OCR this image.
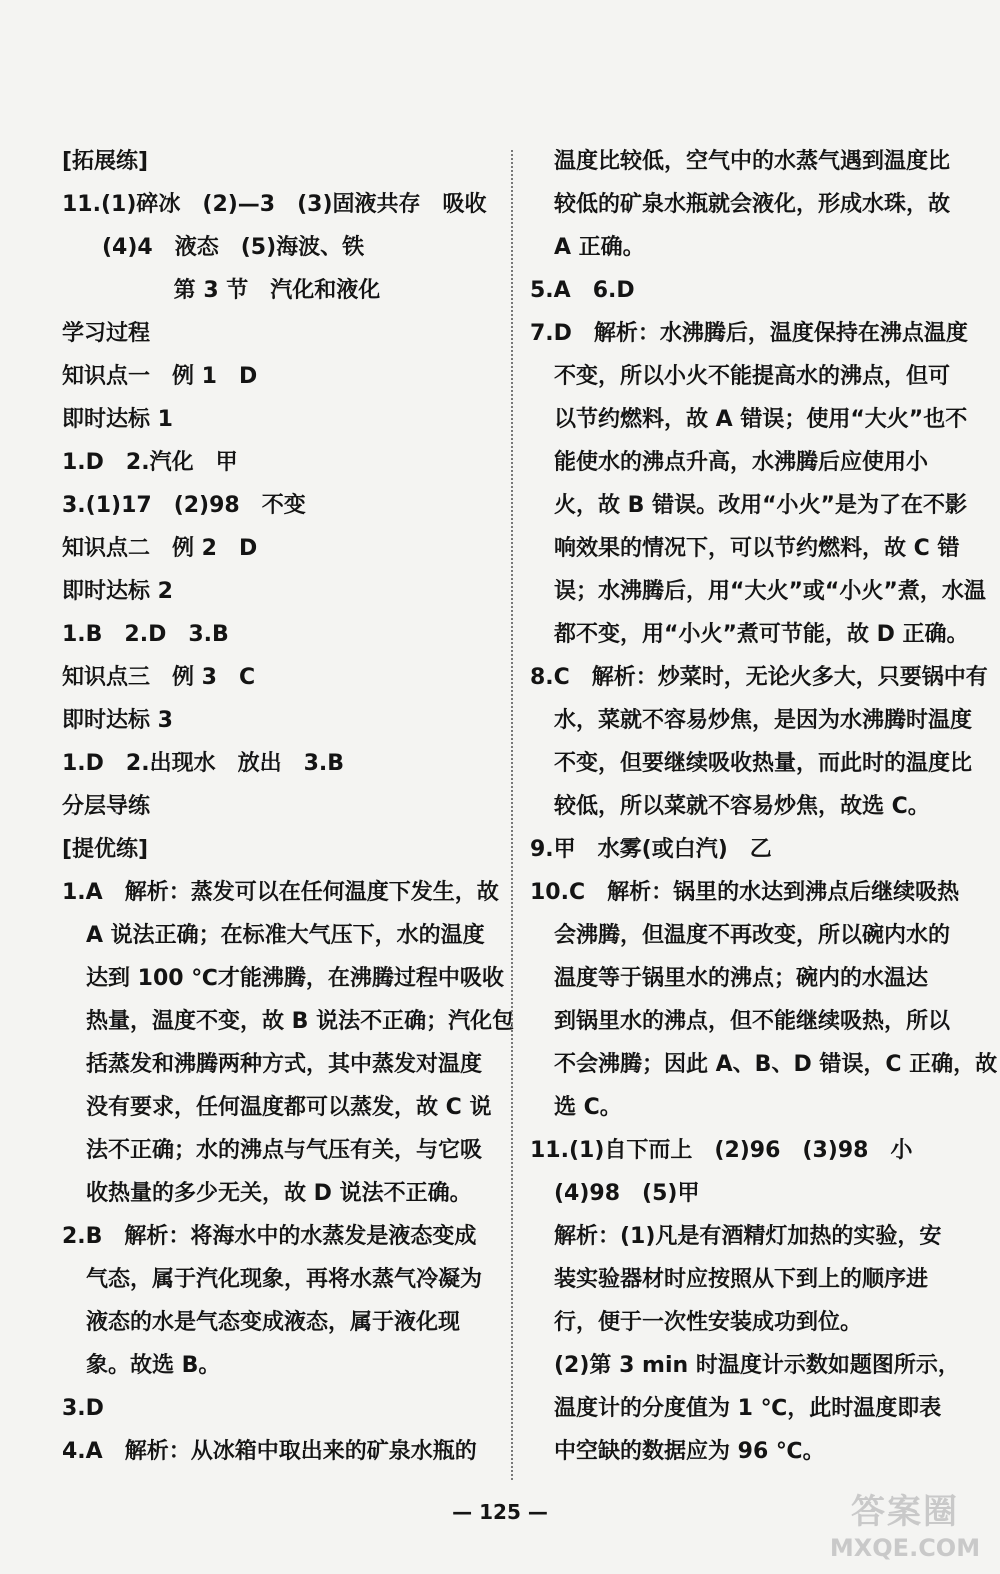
[拓展练]
11.(1)碎冰　(2)—3　(3)固液共存　吸收
(4)4　液态　(5)海波、铁
第 3 节　汽化和液化
学习过程
知识点一　例 1　D
即时达标 1
1.D　2.汽化　甲
3.(1)17　(2)98　不变
知识点二　例 2　D
即时达标 2
1.B　2.D　3.B
知识点三　例 3　C
即时达标 3
1.D　2.出现水　放出　3.B
分层导练
[提优练]
1.A　解析：蒸发可以在任何温度下发生，故
A 说法正确；在标准大气压下，水的温度
达到 100 ℃才能沸腾，在沸腾过程中吸收
热量，温度不变，故 B 说法不正确；汽化包
括蒸发和沸腾两种方式，其中蒸发对温度
没有要求，任何温度都可以蒸发，故 C 说
法不正确；水的沸点与气压有关，与它吸
收热量的多少无关，故 D 说法不正确。
2.B　解析：将海水中的水蒸发是液态变成
气态，属于汽化现象，再将水蒸气冷凝为
液态的水是气态变成液态，属于液化现
象。故选 B。
3.D
4.A　解析：从冰箱中取出来的矿泉水瓶的
温度比较低，空气中的水蒸气遇到温度比
较低的矿泉水瓶就会液化，形成水珠，故
A 正确。
5.A　6.D
7.D　解析：水沸腾后，温度保持在沸点温度
不变，所以小火不能提高水的沸点，但可
以节约燃料，故 A 错误；使用“大火”也不
能使水的沸点升高，水沸腾后应使用小
火，故 B 错误。改用“小火”是为了在不影
响效果的情况下，可以节约燃料，故 C 错
误；水沸腾后，用“大火”或“小火”煮，水温
都不变，用“小火”煮可节能，故 D 正确。
8.C　解析：炒菜时，无论火多大，只要锅中有
水，菜就不容易炒焦，是因为水沸腾时温度
不变，但要继续吸收热量，而此时的温度比
较低，所以菜就不容易炒焦，故选 C。
9.甲　水雾(或白汽)　乙
10.C　解析：锅里的水达到沸点后继续吸热
会沸腾，但温度不再改变，所以碗内水的
温度等于锅里水的沸点；碗内的水温达
到锅里水的沸点，但不能继续吸热，所以
不会沸腾；因此 A、B、D 错误，C 正确，故
选 C。
11.(1)自下而上　(2)96　(3)98　小
(4)98　(5)甲
解析：(1)凡是有酒精灯加热的实验，安
装实验器材时应按照从下到上的顺序进
行，便于一次性安装成功到位。
(2)第 3 min 时温度计示数如题图所示，
温度计的分度值为 1 ℃，此时温度即表
中空缺的数据应为 96 ℃。
— 125 —	答案圈
MXQE.COM
